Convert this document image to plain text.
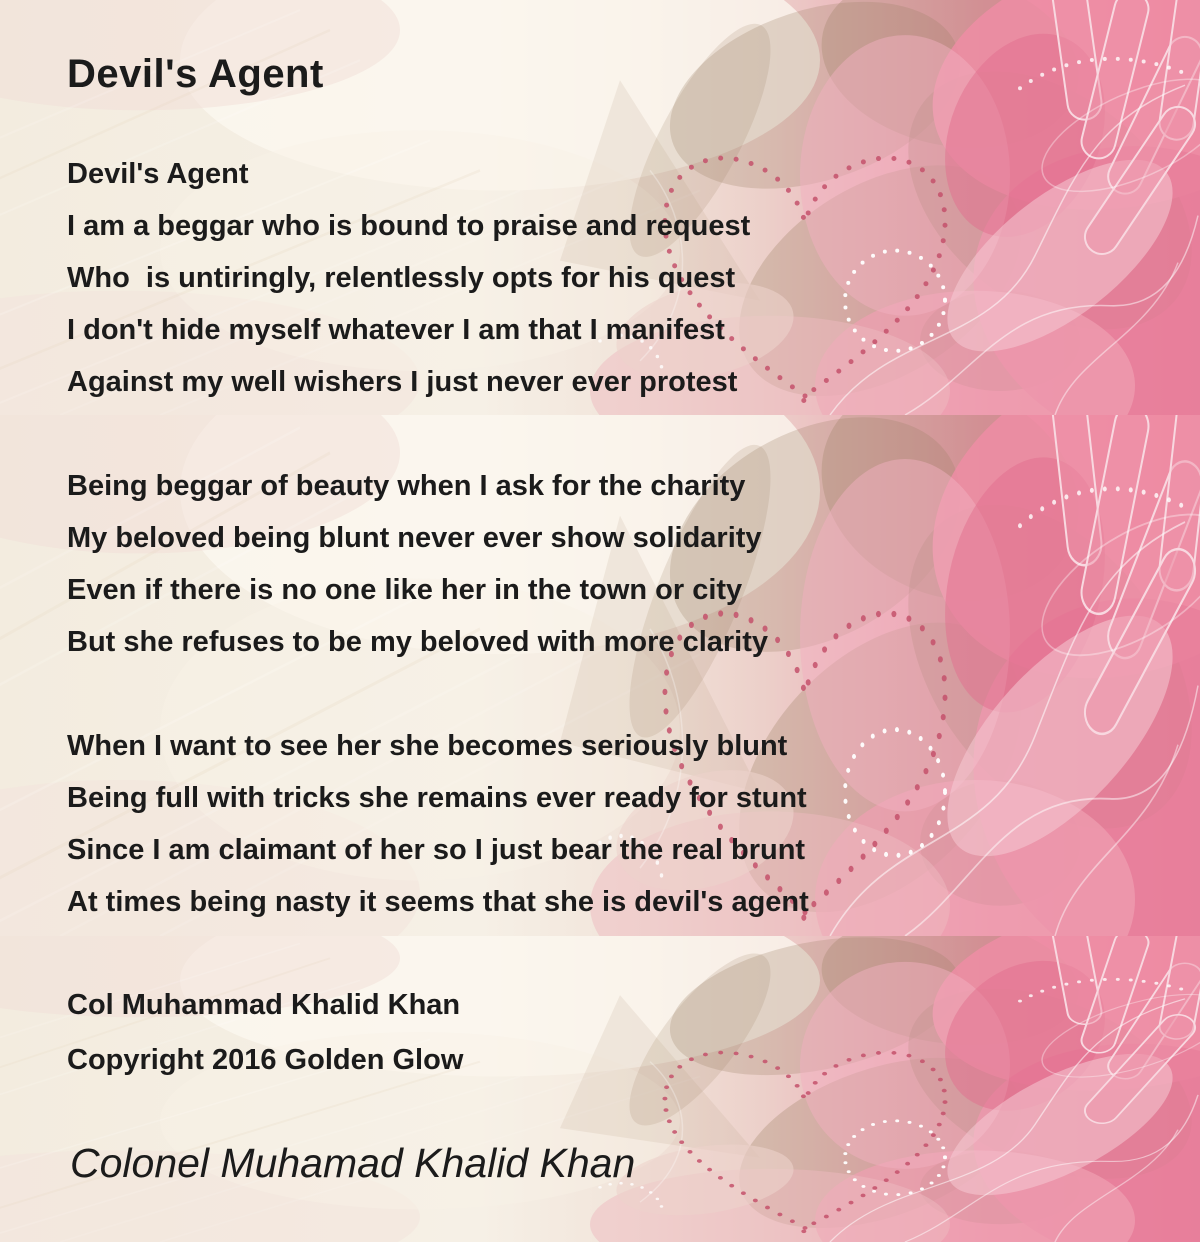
Devil's Agent

Devil's Agent

I am a beggar who is bound to praise and request

Who  is untiringly, relentlessly opts for his quest

I don't hide myself whatever I am that I manifest

Against my well wishers I just never ever protest

Being beggar of beauty when I ask for the charity

My beloved being blunt never ever show solidarity

Even if there is no one like her in the town or city

But she refuses to be my beloved with more clarity

When I want to see her she becomes seriously blunt

Being full with tricks she remains ever ready for stunt

Since I am claimant of her so I just bear the real brunt

At times being nasty it seems that she is devil's agent

Col Muhammad Khalid Khan

Copyright 2016 Golden Glow

Colonel Muhamad Khalid Khan
